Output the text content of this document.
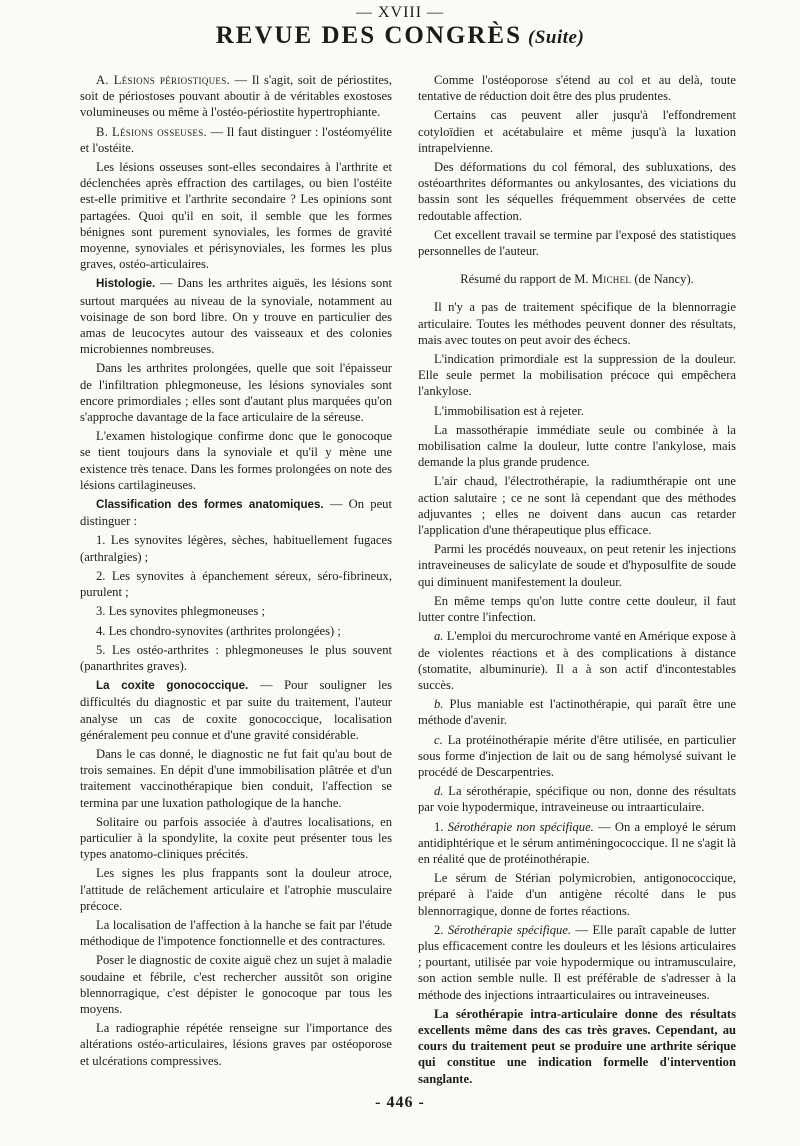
— XVIII —
REVUE DES CONGRÈS (Suite)

A. Lésions périostiques. — Il s'agit, soit de périostites, soit de périostoses pouvant aboutir à de véritables exostoses volumineuses ou même à l'ostéo-périostite hypertrophiante.

B. Lésions osseuses. — Il faut distinguer : l'ostéomyélite et l'ostéite.

Les lésions osseuses sont-elles secondaires à l'arthrite et déclenchées après effraction des cartilages, ou bien l'ostéite est-elle primitive et l'arthrite secondaire ? Les opinions sont partagées. Quoi qu'il en soit, il semble que les formes bénignes sont purement synoviales, les formes de gravité moyenne, synoviales et périsynoviales, les formes les plus graves, ostéo-articulaires.

Histologie. — Dans les arthrites aiguës, les lésions sont surtout marquées au niveau de la synoviale, notamment au voisinage de son bord libre. On y trouve en particulier des amas de leucocytes autour des vaisseaux et des colonies microbiennes nombreuses.

Dans les arthrites prolongées, quelle que soit l'épaisseur de l'infiltration phlegmoneuse, les lésions synoviales sont encore primordiales ; elles sont d'autant plus marquées qu'on s'approche davantage de la face articulaire de la séreuse.

L'examen histologique confirme donc que le gonocoque se tient toujours dans la synoviale et qu'il y mène une existence très tenace. Dans les formes prolongées on note des lésions cartilagineuses.

Classification des formes anatomiques. — On peut distinguer :

1. Les synovites légères, sèches, habituellement fugaces (arthralgies) ;

2. Les synovites à épanchement séreux, séro-fibrineux, purulent ;

3. Les synovites phlegmoneuses ;

4. Les chondro-synovites (arthrites prolongées) ;

5. Les ostéo-arthrites : phlegmoneuses le plus souvent (panarthrites graves).

La coxite gonococcique. — Pour souligner les difficultés du diagnostic et par suite du traitement, l'auteur analyse un cas de coxite gonococcique, localisation généralement peu connue et d'une gravité considérable.

Dans le cas donné, le diagnostic ne fut fait qu'au bout de trois semaines. En dépit d'une immobilisation plâtrée et d'un traitement vaccinothérapique bien conduit, l'affection se termina par une luxation pathologique de la hanche.

Solitaire ou parfois associée à d'autres localisations, en particulier à la spondylite, la coxite peut présenter tous les types anatomo-cliniques précités.

Les signes les plus frappants sont la douleur atroce, l'attitude de relâchement articulaire et l'atrophie musculaire précoce.

La localisation de l'affection à la hanche se fait par l'étude méthodique de l'impotence fonctionnelle et des contractures.

Poser le diagnostic de coxite aiguë chez un sujet à maladie soudaine et fébrile, c'est rechercher aussitôt son origine blennorragique, c'est dépister le gonocoque par tous les moyens.

La radiographie répétée renseigne sur l'importance des altérations ostéo-articulaires, lésions graves par ostéoporose et ulcérations compressives.

Comme l'ostéoporose s'étend au col et au delà, toute tentative de réduction doit être des plus prudentes.

Certains cas peuvent aller jusqu'à l'effondrement cotyloïdien et acétabulaire et même jusqu'à la luxation intrapelvienne.

Des déformations du col fémoral, des subluxations, des ostéoarthrites déformantes ou ankylosantes, des viciations du bassin sont les séquelles fréquemment observées de cette redoutable affection.

Cet excellent travail se termine par l'exposé des statistiques personnelles de l'auteur.

Résumé du rapport de M. Michel (de Nancy).

Il n'y a pas de traitement spécifique de la blennorragie articulaire. Toutes les méthodes peuvent donner des résultats, mais avec toutes on peut avoir des échecs.

L'indication primordiale est la suppression de la douleur. Elle seule permet la mobilisation précoce qui empêchera l'ankylose.

L'immobilisation est à rejeter.

La massothérapie immédiate seule ou combinée à la mobilisation calme la douleur, lutte contre l'ankylose, mais demande la plus grande prudence.

L'air chaud, l'électrothérapie, la radiumthérapie ont une action salutaire ; ce ne sont là cependant que des méthodes adjuvantes ; elles ne doivent dans aucun cas retarder l'application d'une thérapeutique plus efficace.

Parmi les procédés nouveaux, on peut retenir les injections intraveineuses de salicylate de soude et d'hyposulfite de soude qui diminuent manifestement la douleur.

En même temps qu'on lutte contre cette douleur, il faut lutter contre l'infection.

a. L'emploi du mercurochrome vanté en Amérique expose à de violentes réactions et à des complications à distance (stomatite, albuminurie). Il a à son actif d'incontestables succès.

b. Plus maniable est l'actinothérapie, qui paraît être une méthode d'avenir.

c. La protéinothérapie mérite d'être utilisée, en particulier sous forme d'injection de lait ou de sang hémolysé suivant le procédé de Descarpentries.

d. La sérothérapie, spécifique ou non, donne des résultats par voie hypodermique, intraveineuse ou intraarticulaire.

1. Sérothérapie non spécifique. — On a employé le sérum antidiphtérique et le sérum antiméningococcique. Il ne s'agit là en réalité que de protéinothérapie.

Le sérum de Stérian polymicrobien, antigonococcique, préparé à l'aide d'un antigène récolté dans le pus blennorragique, donne de fortes réactions.

2. Sérothérapie spécifique. — Elle paraît capable de lutter plus efficacement contre les douleurs et les lésions articulaires ; pourtant, utilisée par voie hypodermique ou intramusculaire, son action semble nulle. Il est préférable de s'adresser à la méthode des injections intraarticulaires ou intraveineuses.

La sérothérapie intra-articulaire donne des résultats excellents même dans des cas très graves. Cependant, au cours du traitement peut se produire une arthrite sérique qui constitue une indication formelle d'intervention sanglante.

- 446 -
